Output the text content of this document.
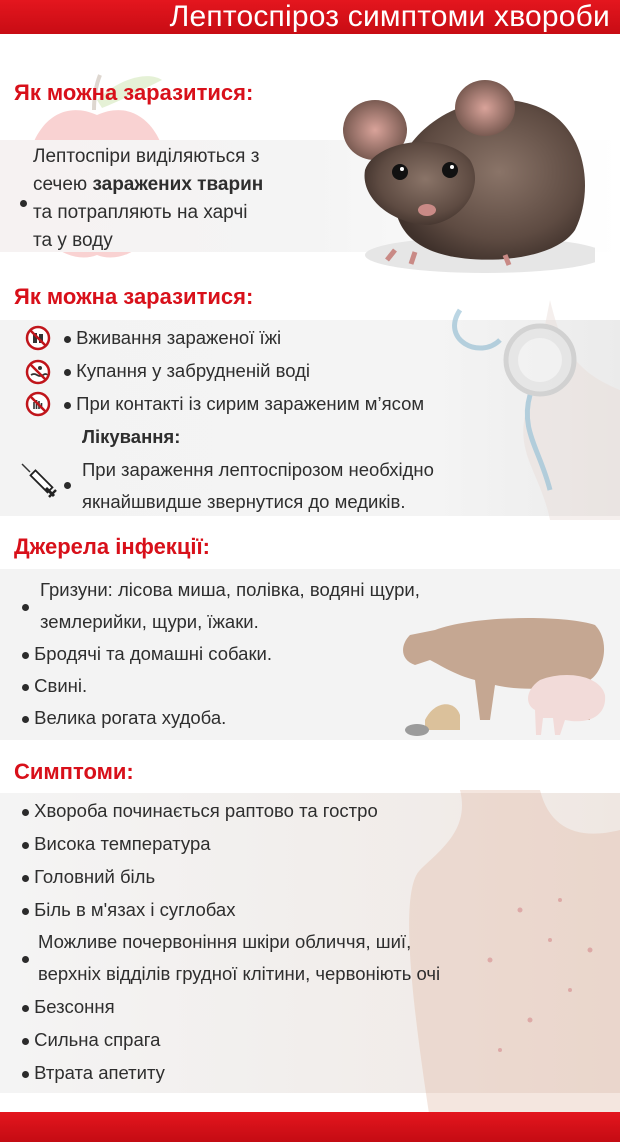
Лептоспіроз симптоми хвороби
Як можна заразитися:
Лептоспіри виділяються з
сечею заражених тварин
та потрапляють на харчі
та у воду
Як можна заразитися:
Вживання зараженої їжі
Купання у забрудненій воді
При контакті із сирим зараженим м’ясом
Лікування:
При зараження лептоспірозом необхідно
якнайшвидше звернутися до медиків.
Джерела інфекції:
Гризуни: лісова миша, полівка, водяні щури,
землерийки, щури, їжаки.
Бродячі та домашні собаки.
Свині.
Велика рогата худоба.
Симптоми:
Хвороба починається раптово та гостро
Висока температура
Головний біль
Біль в м'язах і суглобах
Можливе почервоніння шкіри обличчя, шиї,
верхніх відділів грудної клітини, червоніють очі
Безсоння
Сильна спрага
Втрата апетиту
